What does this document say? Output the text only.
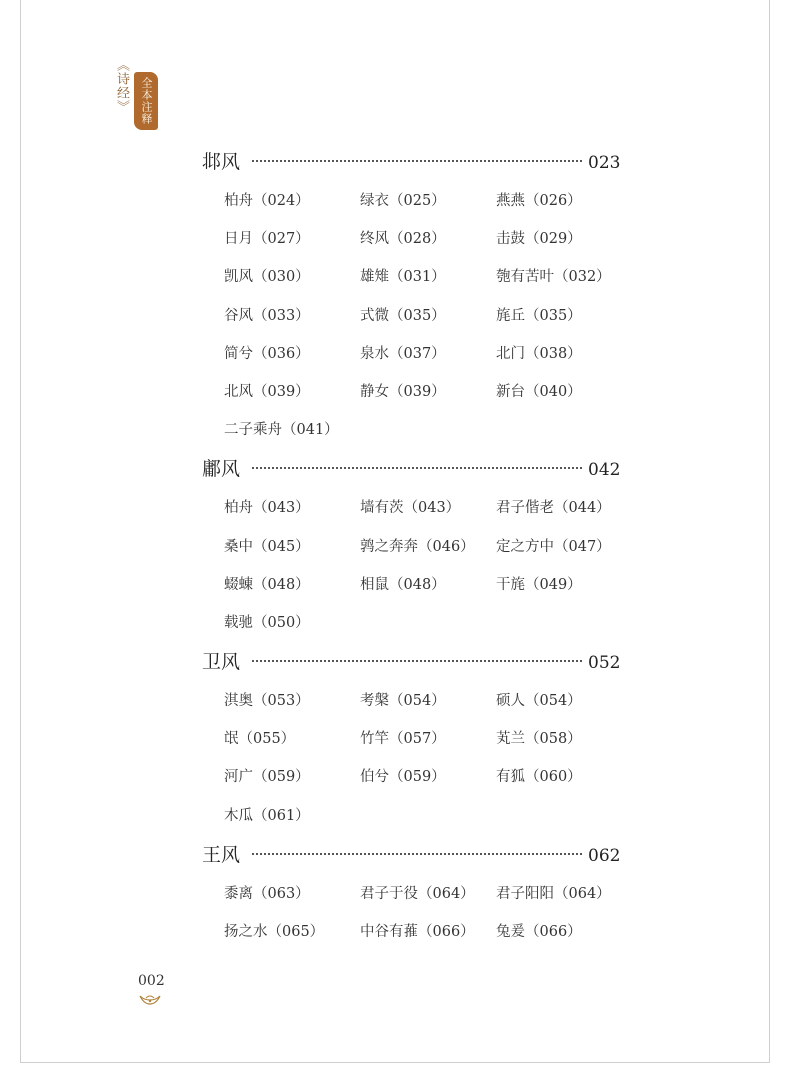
《诗经》	全本注释
邶风	023
柏舟（024）	绿衣（025）	燕燕（026）
日月（027）	终风（028）	击鼓（029）
凯风（030）	雄雉（031）	匏有苦叶（032）
谷风（033）	式微（035）	旄丘（035）
简兮（036）	泉水（037）	北门（038）
北风（039）	静女（039）	新台（040）
二子乘舟（041）
鄘风	042
柏舟（043）	墙有茨（043）	君子偕老（044）
桑中（045）	鹑之奔奔（046）	定之方中（047）
蝃蝀（048）	相鼠（048）	干旄（049）
载驰（050）
卫风	052
淇奥（053）	考槃（054）	硕人（054）
氓（055）	竹竿（057）	芄兰（058）
河广（059）	伯兮（059）	有狐（060）
木瓜（061）
王风	062
黍离（063）	君子于役（064）	君子阳阳（064）
扬之水（065）	中谷有蓷（066）	兔爰（066）
002
